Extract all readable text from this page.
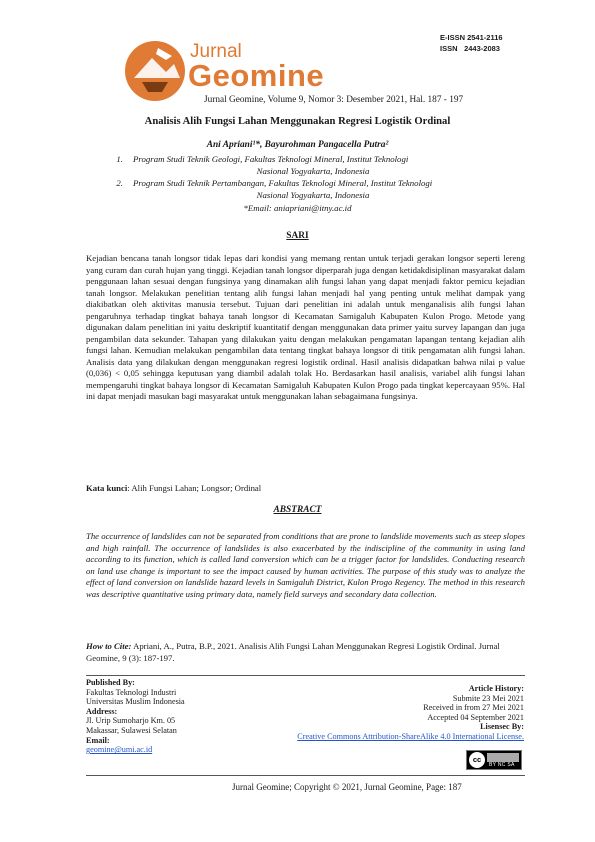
Jurnal
Geomine
E-ISSN 2541-2116
ISSN 2443-2083
Jurnal Geomine, Volume 9, Nomor 3: Desember 2021, Hal. 187 - 197
Analisis Alih Fungsi Lahan Menggunakan Regresi Logistik Ordinal
Ani Apriani¹*, Bayurohman Pangacella Putra²
1.	Program Studi Teknik Geologi, Fakultas Teknologi Mineral, Institut Teknologi
Nasional Yogyakarta, Indonesia
2.	Program Studi Teknik Pertambangan, Fakultas Teknologi Mineral, Institut Teknologi
Nasional Yogyakarta, Indonesia
*Email: aniapriani@itny.ac.id
SARI
Kejadian bencana tanah longsor tidak lepas dari kondisi yang memang rentan untuk terjadi gerakan longsor seperti lereng yang curam dan curah hujan yang tinggi. Kejadian tanah longsor diperparah juga dengan ketidakdisiplinan masyarakat dalam penggunaan lahan sesuai dengan fungsinya yang dinamakan alih fungsi lahan yang dapat menjadi faktor pemicu kejadian tanah longsor. Melakukan penelitian tentang alih fungsi lahan menjadi hal yang penting untuk melihat dampak yang diakibatkan oleh aktivitas manusia tersebut. Tujuan dari penelitian ini adalah untuk menganalisis alih fungsi lahan pengaruhnya terhadap tingkat bahaya tanah longsor di Kecamatan Samigaluh Kabupaten Kulon Progo. Metode yang digunakan dalam penelitian ini yaitu deskriptif kuantitatif dengan menggunakan data primer yaitu survey lapangan dan juga pengambilan data sekunder. Tahapan yang dilakukan yaitu dengan melakukan pengamatan lapangan tentang kejadian alih fungsi lahan. Kemudian melakukan pengambilan data tentang tingkat bahaya longsor di titik pengamatan alih fungsi lahan. Analisis data yang dilakukan dengan menggunakan regresi logistik ordinal. Hasil analisis didapatkan bahwa nilai p value (0,036) < 0,05 sehingga keputusan yang diambil adalah tolak Ho. Berdasarkan hasil analisis, variabel alih fungsi lahan mempengaruhi tingkat bahaya longsor di Kecamatan Samigaluh Kabupaten Kulon Progo pada tingkat kepercayaan 95%. Hal ini dapat menjadi masukan bagi masyarakat untuk menggunakan lahan sebagaimana fungsinya.
Kata kunci: Alih Fungsi Lahan; Longsor; Ordinal
ABSTRACT
The occurrence of landslides can not be separated from conditions that are prone to landslide movements such as steep slopes and high rainfall. The occurrence of landslides is also exacerbated by the indiscipline of the community in using land according to its function, which is called land conversion which can be a trigger factor for landslides. Conducting research on land use change is important to see the impact caused by human activities. The purpose of this study was to analyze the effect of land conversion on landslide hazard levels in Samigaluh District, Kulon Progo Regency. The method in this research was descriptive quantitative using primary data, namely field surveys and secondary data collection.
How to Cite: Apriani, A., Putra, B.P., 2021. Analisis Alih Fungsi Lahan Menggunakan Regresi Logistik Ordinal. Jurnal Geomine, 9 (3): 187-197.
Published By:
Fakultas Teknologi Industri
Universitas Muslim Indonesia
Address:
Jl. Urip Sumoharjo Km. 05
Makassar, Sulawesi Selatan
Email:
geomine@umi.ac.id
Article History:
Submite 23 Mei 2021
Received in from 27 Mei 2021
Accepted 04 September 2021
Lisensec By:
Creative Commons Attribution-ShareAlike 4.0 International License.
cc
BY NC SA
Jurnal Geomine; Copyright © 2021, Jurnal Geomine, Page: 187
